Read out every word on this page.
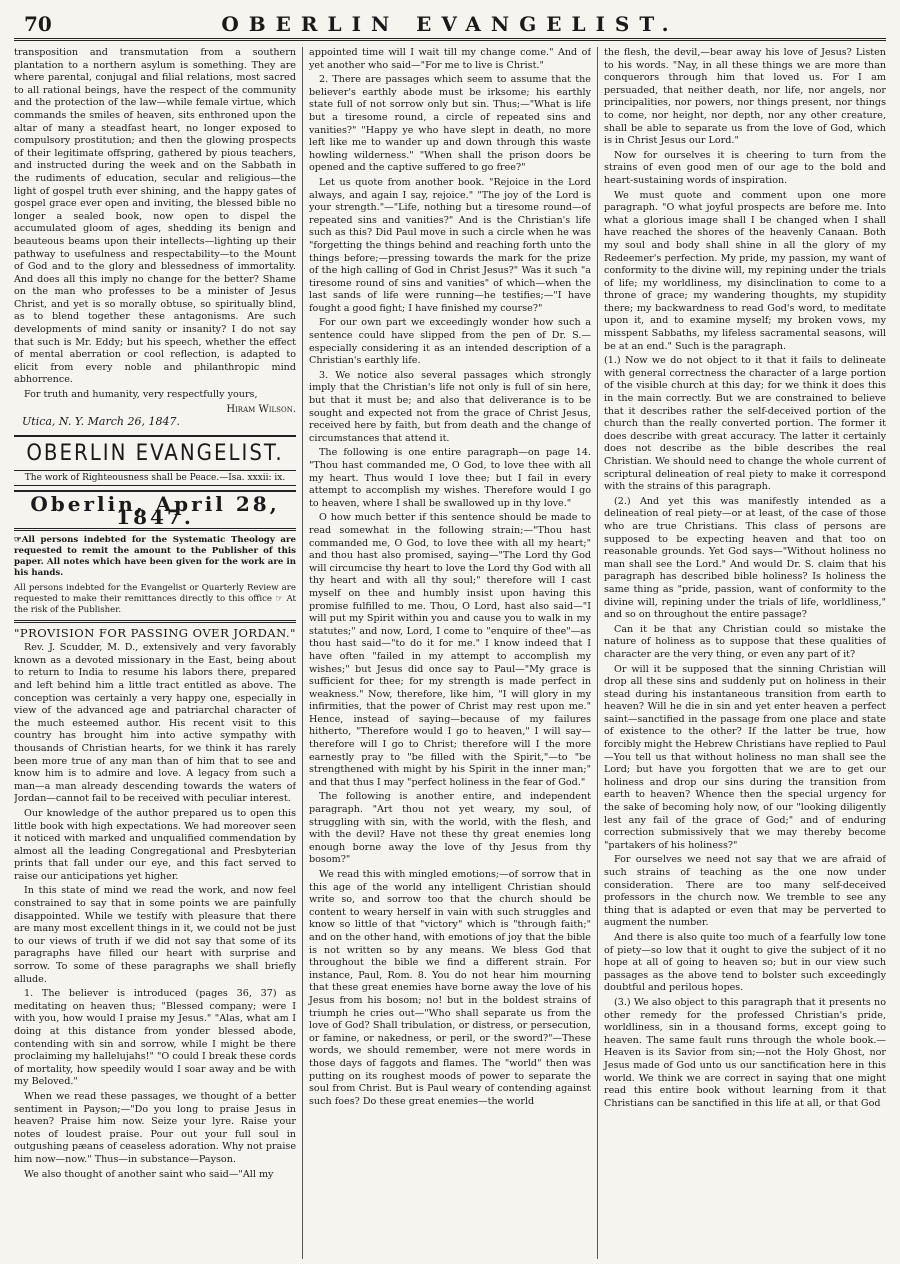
70	OBERLIN EVANGELIST.

transposition and transmutation from a southern plantation to a northern asylum is something. They are where parental, conjugal and filial relations, most sacred to all rational beings, have the respect of the community and the protection of the law—while female virtue, which commands the smiles of heaven, sits enthroned upon the altar of many a steadfast heart, no longer exposed to compulsory prostitution; and then the glowing prospects of their legitimate offspring, gathered by pious teachers, and instructed during the week and on the Sabbath in the rudiments of education, secular and religious—the light of gospel truth ever shining, and the happy gates of gospel grace ever open and inviting, the blessed bible no longer a sealed book, now open to dispel the accumulated gloom of ages, shedding its benign and beauteous beams upon their intellects—lighting up their pathway to usefulness and respectability—to the Mount of God and to the glory and blessedness of immortality. And does all this imply no change for the better? Shame on the man who professes to be a minister of Jesus Christ, and yet is so morally obtuse, so spiritually blind, as to blend together these antagonisms. Are such developments of mind sanity or insanity? I do not say that such is Mr. Eddy; but his speech, whether the effect of mental aberration or cool reflection, is adapted to elicit from every noble and philanthropic mind abhorrence.

For truth and humanity, very respectfully yours,

Hiram Wilson.
Utica, N. Y. March 26, 1847.
OBERLIN EVANGELIST.
The work of Righteousness shall be Peace.—Isa. xxxii: ix.
Oberlin, April 28, 1847.
☞All persons indebted for the Systematic Theology are requested to remit the amount to the Publisher of this paper. All notes which have been given for the work are in his hands.
All persons indebted for the Evangelist or Quarterly Review are requested to make their remittances directly to this office ☞ At the risk of the Publisher.
"PROVISION FOR PASSING OVER JORDAN."

Rev. J. Scudder, M. D., extensively and very favorably known as a devoted missionary in the East, being about to return to India to resume his labors there, prepared and left behind him a little tract entitled as above. The conception was certainly a very happy one, especially in view of the advanced age and patriarchal character of the much esteemed author. His recent visit to this country has brought him into active sympathy with thousands of Christian hearts, for we think it has rarely been more true of any man than of him that to see and know him is to admire and love. A legacy from such a man—a man already descending towards the waters of Jordan—cannot fail to be received with peculiar interest.

Our knowledge of the author prepared us to open this little book with high expectations. We had moreover seen it noticed with marked and unqualified commendation by almost all the leading Congregational and Presbyterian prints that fall under our eye, and this fact served to raise our anticipations yet higher.

In this state of mind we read the work, and now feel constrained to say that in some points we are painfully disappointed. While we testify with pleasure that there are many most excellent things in it, we could not be just to our views of truth if we did not say that some of its paragraphs have filled our heart with surprise and sorrow. To some of these paragraphs we shall briefly allude.

1. The believer is introduced (pages 36, 37) as meditating on heaven thus; "Blessed company; were I with you, how would I praise my Jesus." "Alas, what am I doing at this distance from yonder blessed abode, contending with sin and sorrow, while I might be there proclaiming my hallelujahs!" "O could I break these cords of mortality, how speedily would I soar away and be with my Beloved."

When we read these passages, we thought of a better sentiment in Payson;—"Do you long to praise Jesus in heaven? Praise him now. Seize your lyre. Raise your notes of loudest praise. Pour out your full soul in outgushing pæans of ceaseless adoration. Why not praise him now—now." Thus—in substance—Payson.

We also thought of another saint who said—"All my

appointed time will I wait till my change come." And of yet another who said—"For me to live is Christ."

2. There are passages which seem to assume that the believer's earthly abode must be irksome; his earthly state full of not sorrow only but sin. Thus;—"What is life but a tiresome round, a circle of repeated sins and vanities?" "Happy ye who have slept in death, no more left like me to wander up and down through this waste howling wilderness." "When shall the prison doors be opened and the captive suffered to go free?"

Let us quote from another book. "Rejoice in the Lord always, and again I say, rejoice." "The joy of the Lord is your strength."—"Life, nothing but a tiresome round—of repeated sins and vanities?" And is the Christian's life such as this? Did Paul move in such a circle when he was "forgetting the things behind and reaching forth unto the things before;—pressing towards the mark for the prize of the high calling of God in Christ Jesus?" Was it such "a tiresome round of sins and vanities" of which—when the last sands of life were running—he testifies;—"I have fought a good fight; I have finished my course?"

For our own part we exceedingly wonder how such a sentence could have slipped from the pen of Dr. S.—especially considering it as an intended description of a Christian's earthly life.

3. We notice also several passages which strongly imply that the Christian's life not only is full of sin here, but that it must be; and also that deliverance is to be sought and expected not from the grace of Christ Jesus, received here by faith, but from death and the change of circumstances that attend it.

The following is one entire paragraph—on page 14. "Thou hast commanded me, O God, to love thee with all my heart. Thus would I love thee; but I fail in every attempt to accomplish my wishes. Therefore would I go to heaven, where I shall be swallowed up in thy love."

O how much better if this sentence should be made to read somewhat in the following strain;—"Thou hast commanded me, O God, to love thee with all my heart;" and thou hast also promised, saying—"The Lord thy God will circumcise thy heart to love the Lord thy God with all thy heart and with all thy soul;" therefore will I cast myself on thee and humbly insist upon having this promise fulfilled to me. Thou, O Lord, hast also said—"I will put my Spirit within you and cause you to walk in my statutes;" and now, Lord, I come to "enquire of thee"—as thou hast said—"to do it for me." I know indeed that I have often "failed in my attempt to accomplish my wishes;" but Jesus did once say to Paul—"My grace is sufficient for thee; for my strength is made perfect in weakness." Now, therefore, like him, "I will glory in my infirmities, that the power of Christ may rest upon me." Hence, instead of saying—because of my failures hitherto, "Therefore would I go to heaven," I will say—therefore will I go to Christ; therefore will I the more earnestly pray to "be filled with the Spirit,"—to "be strengthened with might by his Spirit in the inner man;" and that thus I may "perfect holiness in the fear of God."

The following is another entire, and independent paragraph. "Art thou not yet weary, my soul, of struggling with sin, with the world, with the flesh, and with the devil? Have not these thy great enemies long enough borne away the love of thy Jesus from thy bosom?"

We read this with mingled emotions;—of sorrow that in this age of the world any intelligent Christian should write so, and sorrow too that the church should be content to weary herself in vain with such struggles and know so little of that "victory" which is "through faith;" and on the other hand, with emotions of joy that the bible is not written so by any means. We bless God that throughout the bible we find a different strain. For instance, Paul, Rom. 8. You do not hear him mourning that these great enemies have borne away the love of his Jesus from his bosom; no! but in the boldest strains of triumph he cries out—"Who shall separate us from the love of God? Shall tribulation, or distress, or persecution, or famine, or nakedness, or peril, or the sword?"—These words, we should remember, were not mere words in those days of faggots and flames. The "world" then was putting on its roughest moods of power to separate the soul from Christ. But is Paul weary of contending against such foes? Do these great enemies—the world

the flesh, the devil,—bear away his love of Jesus? Listen to his words. "Nay, in all these things we are more than conquerors through him that loved us. For I am persuaded, that neither death, nor life, nor angels, nor principalities, nor powers, nor things present, nor things to come, nor height, nor depth, nor any other creature, shall be able to separate us from the love of God, which is in Christ Jesus our Lord."

Now for ourselves it is cheering to turn from the strains of even good men of our age to the bold and heart-sustaining words of inspiration.

We must quote and comment upon one more paragraph. "O what joyful prospects are before me. Into what a glorious image shall I be changed when I shall have reached the shores of the heavenly Canaan. Both my soul and body shall shine in all the glory of my Redeemer's perfection. My pride, my passion, my want of conformity to the divine will, my repining under the trials of life; my worldliness, my disinclination to come to a throne of grace; my wandering thoughts, my stupidity there; my backwardness to read God's word, to meditate upon it, and to examine myself; my broken vows, my misspent Sabbaths, my lifeless sacramental seasons, will be at an end." Such is the paragraph.

(1.) Now we do not object to it that it fails to delineate with general correctness the character of a large portion of the visible church at this day; for we think it does this in the main correctly. But we are constrained to believe that it describes rather the self-deceived portion of the church than the really converted portion. The former it does describe with great accuracy. The latter it certainly does not describe as the bible describes the real Christian. We should need to change the whole current of scriptural delineation of real piety to make it correspond with the strains of this paragraph.

(2.) And yet this was manifestly intended as a delineation of real piety—or at least, of the case of those who are true Christians. This class of persons are supposed to be expecting heaven and that too on reasonable grounds. Yet God says—"Without holiness no man shall see the Lord." And would Dr. S. claim that his paragraph has described bible holiness? Is holiness the same thing as "pride, passion, want of conformity to the divine will, repining under the trials of life, worldliness," and so on throughout the entire passage?

Can it be that any Christian could so mistake the nature of holiness as to suppose that these qualities of character are the very thing, or even any part of it?

Or will it be supposed that the sinning Christian will drop all these sins and suddenly put on holiness in their stead during his instantaneous transition from earth to heaven? Will he die in sin and yet enter heaven a perfect saint—sanctified in the passage from one place and state of existence to the other? If the latter be true, how forcibly might the Hebrew Christians have replied to Paul—You tell us that without holiness no man shall see the Lord; but have you forgotten that we are to get our holiness and drop our sins during the transition from earth to heaven? Whence then the special urgency for the sake of becoming holy now, of our "looking diligently lest any fail of the grace of God;" and of enduring correction submissively that we may thereby become "partakers of his holiness?"

For ourselves we need not say that we are afraid of such strains of teaching as the one now under consideration. There are too many self-deceived professors in the church now. We tremble to see any thing that is adapted or even that may be perverted to augment the number.

And there is also quite too much of a fearfully low tone of piety—so low that it ought to give the subject of it no hope at all of going to heaven so; but in our view such passages as the above tend to bolster such exceedingly doubtful and perilous hopes.

(3.) We also object to this paragraph that it presents no other remedy for the professed Christian's pride, worldliness, sin in a thousand forms, except going to heaven. The same fault runs through the whole book.—Heaven is its Savior from sin;—not the Holy Ghost, nor Jesus made of God unto us our sanctification here in this world. We think we are correct in saying that one might read this entire book without learning from it that Christians can be sanctified in this life at all, or that God
